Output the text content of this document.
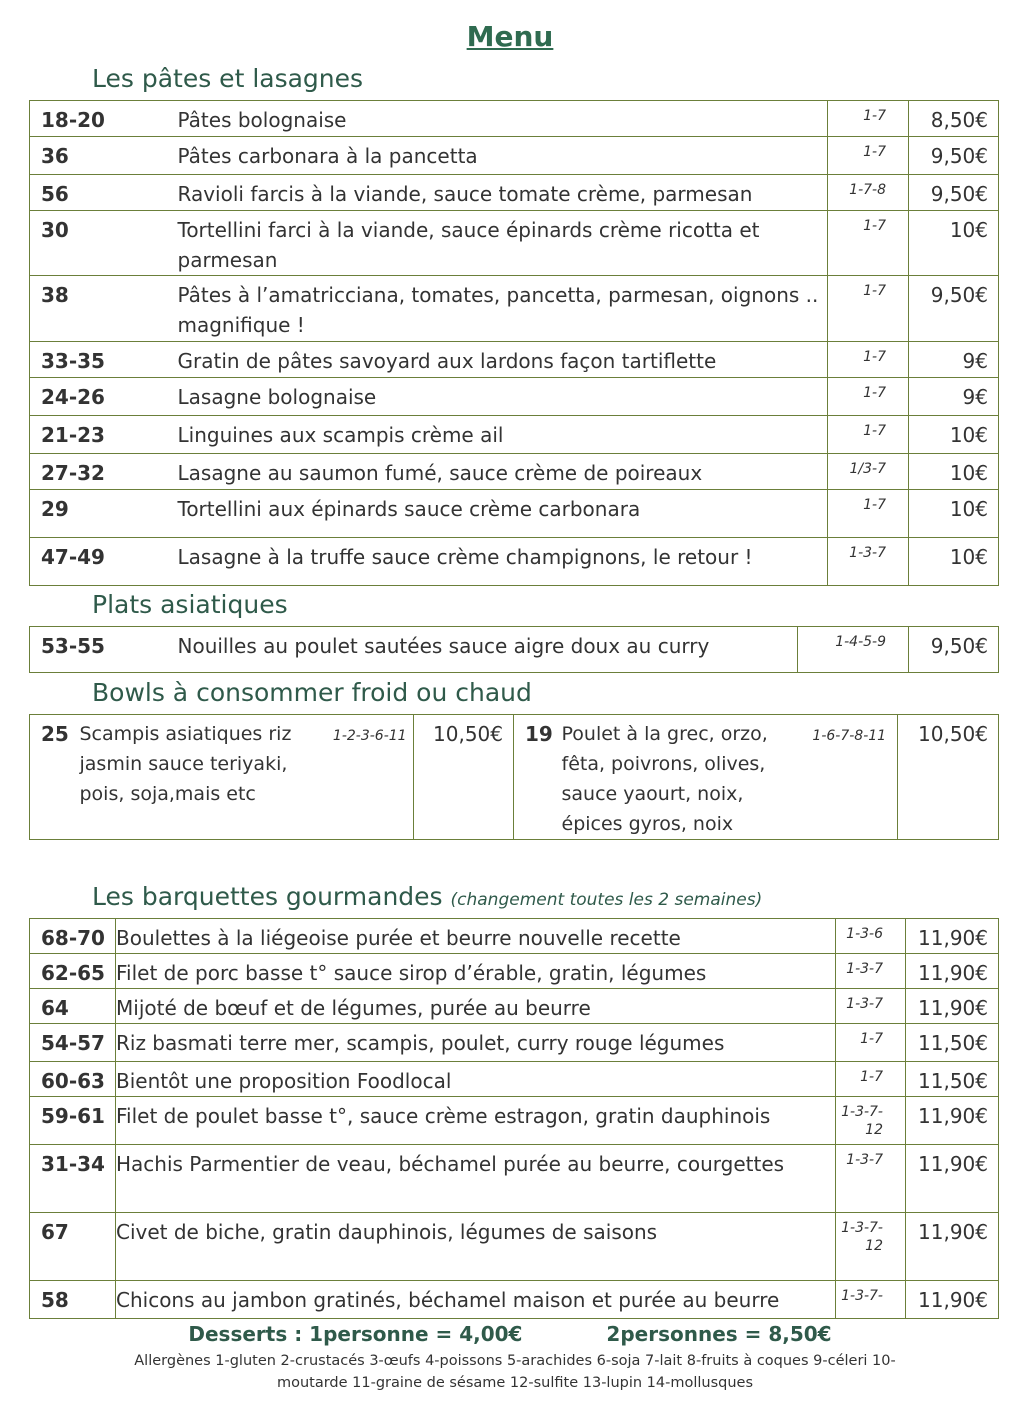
Menu
Les pâtes et lasagnes
18-20	Pâtes bolognaise	1-7	8,50€
36	Pâtes carbonara à la pancetta	1-7	9,50€
56	Ravioli farcis à la viande, sauce tomate crème, parmesan	1-7-8	9,50€
30	Tortellini farci à la viande, sauce épinards crème ricotta et parmesan	1-7	10€
38	Pâtes à l’amatricciana, tomates, pancetta, parmesan, oignons .. magnifique !	1-7	9,50€
33-35	Gratin de pâtes savoyard aux lardons façon tartiflette	1-7	9€
24-26	Lasagne bolognaise	1-7	9€
21-23	Linguines aux scampis crème ail	1-7	10€
27-32	Lasagne au saumon fumé, sauce crème de poireaux	1/3-7	10€
29	Tortellini aux épinards sauce crème carbonara	1-7	10€
47-49	Lasagne à la truffe sauce crème champignons, le retour !	1-3-7	10€
Plats asiatiques
53-55	Nouilles au poulet sautées sauce aigre doux au curry	1-4-5-9	9,50€
Bowls à consommer froid ou chaud
25	Scampis asiatiques riz jasmin sauce teriyaki, pois, soja,mais etc	1-2-3-6-11	10,50€	19	Poulet à la grec, orzo, fêta, poivrons, olives, sauce yaourt, noix, épices gyros, noix	1-6-7-8-11	10,50€
Les barquettes gourmandes (changement toutes les 2 semaines)
68-70	Boulettes à la liégeoise purée et beurre nouvelle recette	1-3-6	11,90€
62-65	Filet de porc basse t° sauce sirop d’érable, gratin, légumes	1-3-7	11,90€
64	Mijoté de bœuf et de légumes, purée au beurre	1-3-7	11,90€
54-57	Riz basmati terre mer, scampis, poulet, curry rouge légumes	1-7	11,50€
60-63	Bientôt une proposition Foodlocal	1-7	11,50€
59-61	Filet de poulet basse t°, sauce crème estragon, gratin dauphinois	1-3-7-12	11,90€
31-34	Hachis Parmentier de veau, béchamel purée au beurre, courgettes	1-3-7	11,90€
67	Civet de biche, gratin dauphinois, légumes de saisons	1-3-7-12	11,90€
58	Chicons au jambon gratinés, béchamel maison et purée au beurre	1-3-7-	11,90€
Desserts : 1personne = 4,00€	2personnes = 8,50€
Allergènes 1-gluten 2-crustacés 3-œufs 4-poissons 5-arachides 6-soja 7-lait 8-fruits à coques 9-céleri 10-moutarde 11-graine de sésame 12-sulfite 13-lupin 14-mollusques
